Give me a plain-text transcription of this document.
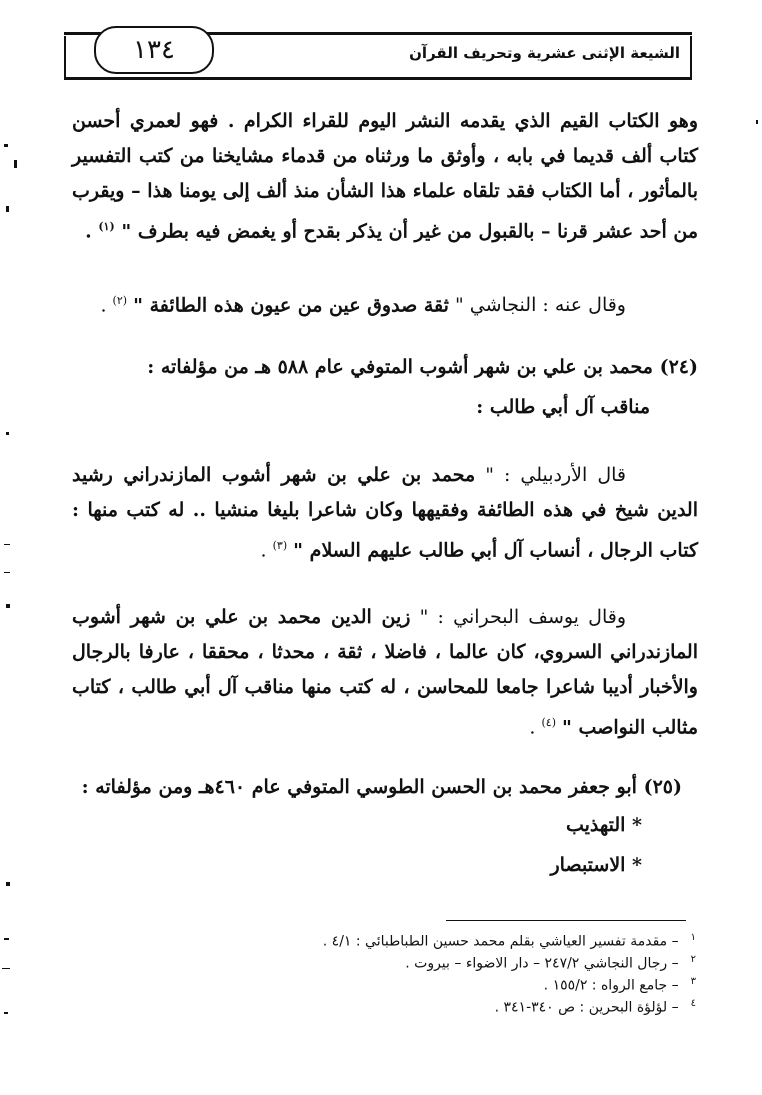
الشيعة الإثنى عشرية وتحريف القرآن
١٣٤
وهو الكتاب القيم الذي يقدمه النشر اليوم للقراء الكرام . فهو لعمري أحسن كتاب ألف قديما في بابه ، وأوثق ما ورثناه من قدماء مشايخنا من كتب التفسير بالمأثور ، أما الكتاب فقد تلقاه علماء هذا الشأن منذ ألف إلى يومنا هذا – ويقرب من أحد عشر قرنا – بالقبول من غير أن يذكر بقدح أو يغمض فيه بطرف " $^{(١)}$ .
وقال عنه : النجاشي " ثقة صدوق عين من عيون هذه الطائفة " $^{(٢)}$ .
(٢٤) محمد بن علي بن شهر أشوب المتوفي عام ٥٨٨ هـ من مؤلفاته :
مناقب آل أبي طالب :
قال الأردبيلي : " محمد بن علي بن شهر أشوب المازندراني رشيد الدين شيخ في هذه الطائفة وفقيهها وكان شاعرا بليغا منشيا .. له كتب منها : كتاب الرجال ، أنساب آل أبي طالب عليهم السلام " $^{(٣)}$ .
وقال يوسف البحراني : " زين الدين محمد بن علي بن شهر أشوب المازندراني السروي، كان عالما ، فاضلا ، ثقة ، محدثا ، محققا ، عارفا بالرجال والأخبار أديبا شاعرا جامعا للمحاسن ، له كتب منها مناقب آل أبي طالب ، كتاب مثالب النواصب " $^{(٤)}$ .
(٢٥) أبو جعفر محمد بن الحسن الطوسي المتوفي عام ٤٦٠هـ ومن مؤلفاته :
* التهذيب
* الاستبصار
$^١$– مقدمة تفسير العياشي بقلم محمد حسين الطباطبائي : ٤/١ .
$^٢$– رجال النجاشي ٢٤٧/٢ – دار الاضواء – بيروت .
$^٣$– جامع الرواه : ١٥٥/٢ .
$^٤$– لؤلؤة البحرين : ص ٣٤٠-٣٤١ .
